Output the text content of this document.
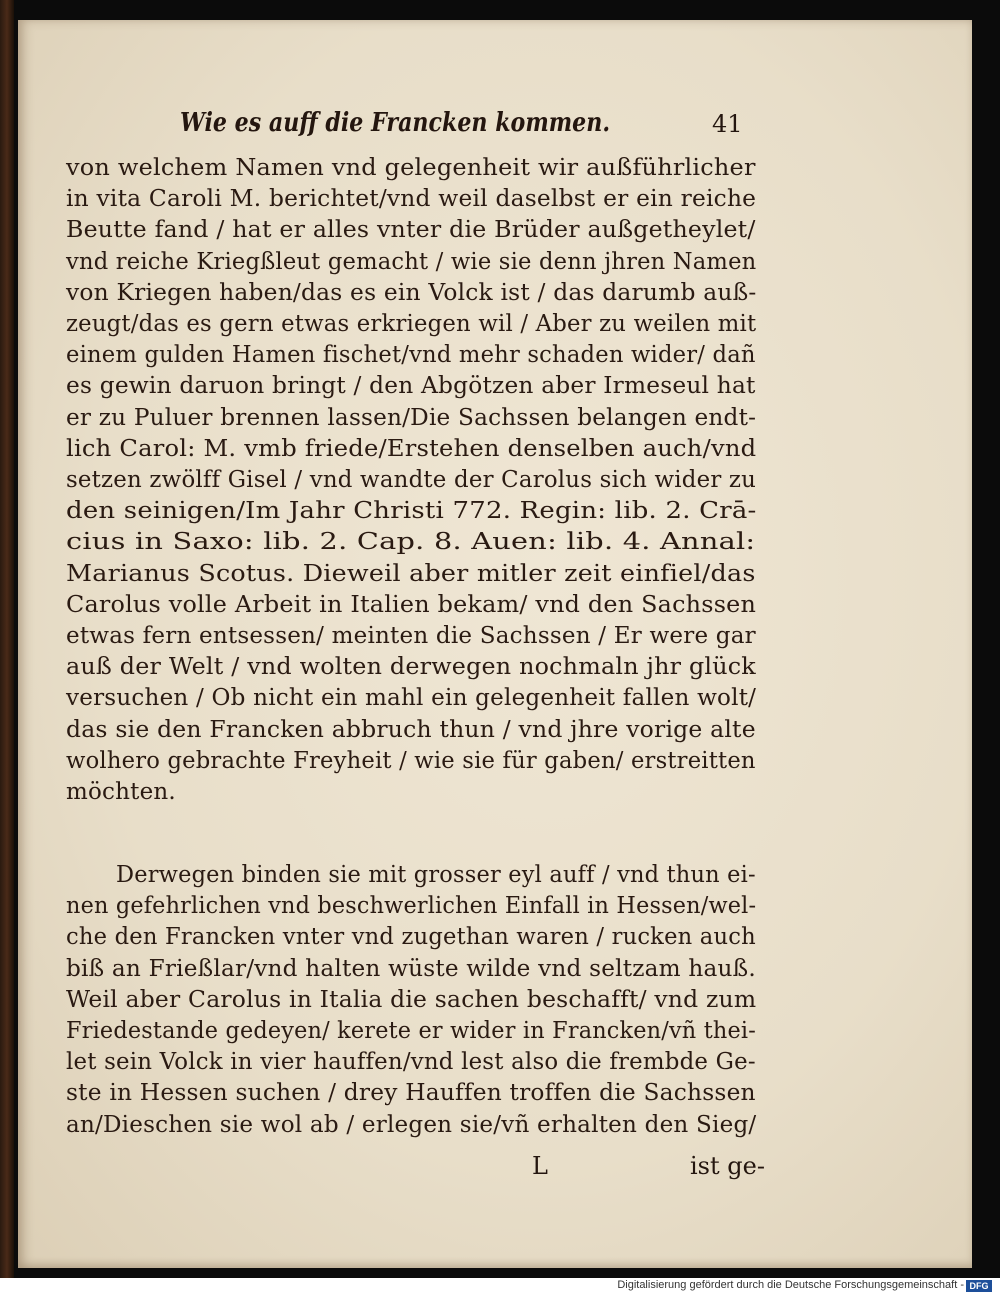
Wie es auff die Francken kommen.	41
von welchem Namen vnd gelegenheit wir außführlicher
in vita Caroli M. berichtet/vnd weil daselbst er ein reiche
Beutte fand / hat er alles vnter die Brüder außgetheylet/
vnd reiche Kriegßleut gemacht / wie sie denn jhren Namen
von Kriegen haben/das es ein Volck ist / das darumb auß-
zeugt/das es gern etwas erkriegen wil / Aber zu weilen mit
einem gulden Hamen fischet/vnd mehr schaden wider/ dañ
es gewin daruon bringt / den Abgötzen aber Irmeseul hat
er zu Puluer brennen lassen/Die Sachssen belangen endt-
lich Carol: M. vmb friede/Erstehen denselben auch/vnd
setzen zwölff Gisel / vnd wandte der Carolus sich wider zu
den seinigen/Im Jahr Christi 772. Regin: lib. 2. Crā-
cius in Saxo: lib. 2. Cap. 8. Auen: lib. 4. Annal:
Marianus Scotus. Dieweil aber mitler zeit einfiel/das
Carolus volle Arbeit in Italien bekam/ vnd den Sachssen
etwas fern entsessen/ meinten die Sachssen / Er were gar
auß der Welt / vnd wolten derwegen nochmaln jhr glück
versuchen / Ob nicht ein mahl ein gelegenheit fallen wolt/
das sie den Francken abbruch thun / vnd jhre vorige alte
wolhero gebrachte Freyheit / wie sie für gaben/ erstreitten
möchten.
Derwegen binden sie mit grosser eyl auff / vnd thun ei-
nen gefehrlichen vnd beschwerlichen Einfall in Hessen/wel-
che den Francken vnter vnd zugethan waren / rucken auch
biß an Frießlar/vnd halten wüste wilde vnd seltzam hauß.
Weil aber Carolus in Italia die sachen beschafft/ vnd zum
Friedestande gedeyen/ kerete er wider in Francken/vñ thei-
let sein Volck in vier hauffen/vnd lest also die frembde Ge-
ste in Hessen suchen / drey Hauffen troffen die Sachssen
an/Dieschen sie wol ab / erlegen sie/vñ erhalten den Sieg/
L	ist ge-
Digitalisierung gefördert durch die Deutsche Forschungsgemeinschaft - DFG
